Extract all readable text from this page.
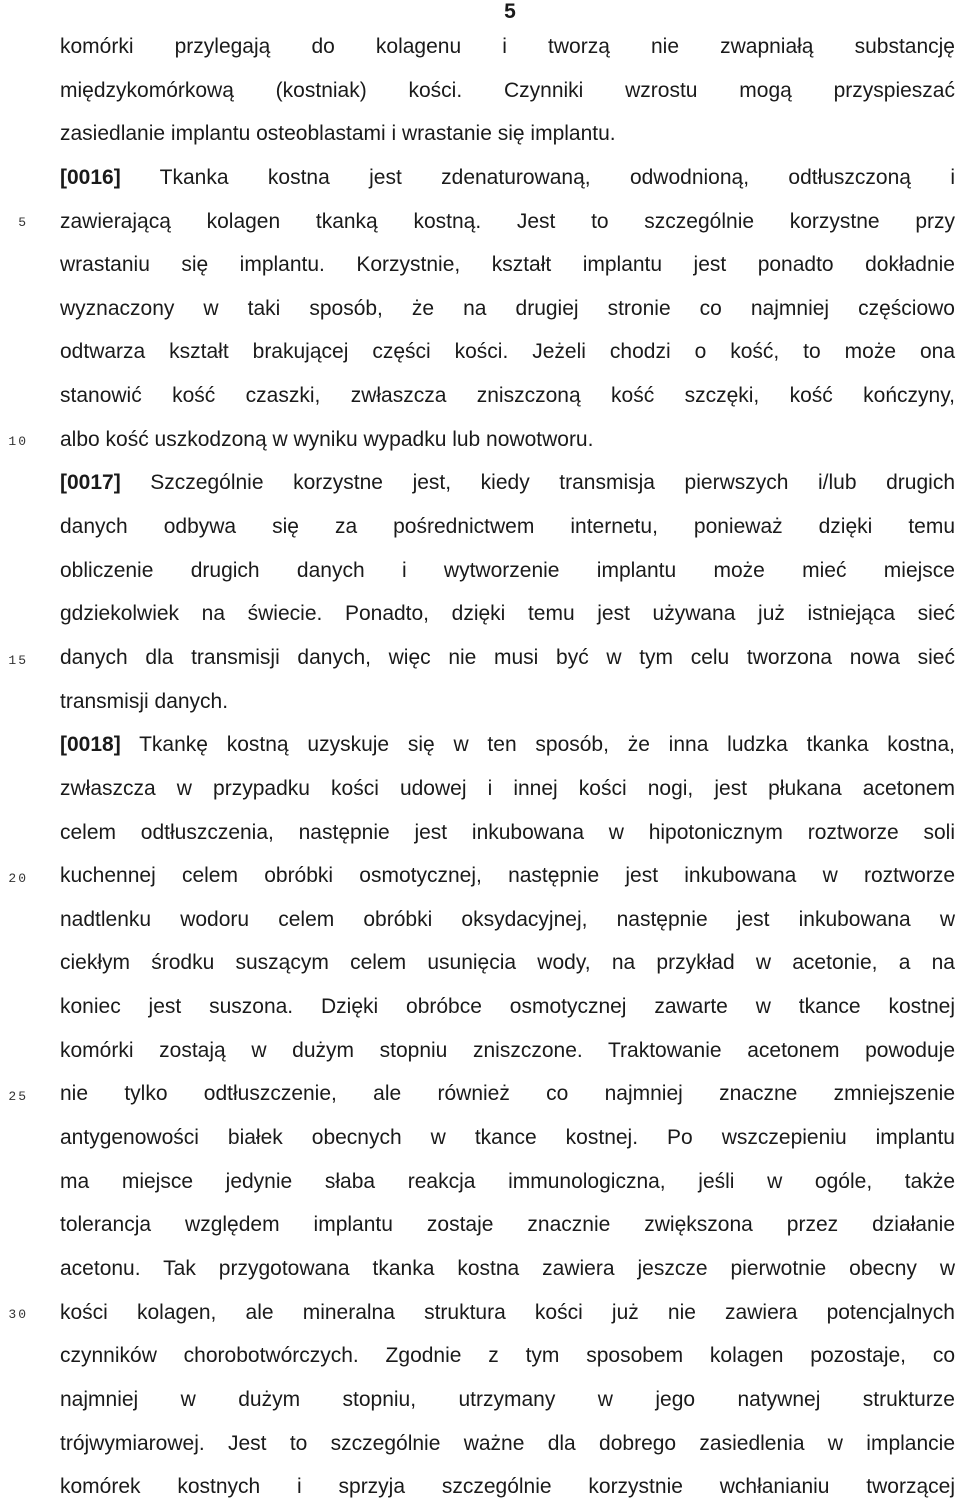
5
5
10
15
20
25
30
komórki przylegają do kolagenu i tworzą nie zwapniałą substancję
międzykomórkową (kostniak) kości. Czynniki wzrostu mogą przyspieszać
zasiedlanie implantu osteoblastami i wrastanie się implantu.
[0016] Tkanka kostna jest zdenaturowaną, odwodnioną, odtłuszczoną i
zawierającą kolagen tkanką kostną. Jest to szczególnie korzystne przy
wrastaniu się implantu. Korzystnie, kształt implantu jest ponadto dokładnie
wyznaczony w taki sposób, że na drugiej stronie co najmniej częściowo
odtwarza kształt brakującej części kości. Jeżeli chodzi o kość, to może ona
stanowić kość czaszki, zwłaszcza zniszczoną kość szczęki, kość kończyny,
albo kość uszkodzoną w wyniku wypadku lub nowotworu.
[0017] Szczególnie korzystne jest, kiedy transmisja pierwszych i/lub drugich
danych odbywa się za pośrednictwem internetu, ponieważ dzięki temu
obliczenie drugich danych i wytworzenie implantu może mieć miejsce
gdziekolwiek na świecie. Ponadto, dzięki temu jest używana już istniejąca sieć
danych dla transmisji danych, więc nie musi być w tym celu tworzona nowa sieć
transmisji danych.
[0018] Tkankę kostną uzyskuje się w ten sposób, że inna ludzka tkanka kostna,
zwłaszcza w przypadku kości udowej i innej kości nogi, jest płukana acetonem
celem odtłuszczenia, następnie jest inkubowana w hipotonicznym roztworze soli
kuchennej celem obróbki osmotycznej, następnie jest inkubowana w roztworze
nadtlenku wodoru celem obróbki oksydacyjnej, następnie jest inkubowana w
ciekłym środku suszącym celem usunięcia wody, na przykład w acetonie, a na
koniec jest suszona. Dzięki obróbce osmotycznej zawarte w tkance kostnej
komórki zostają w dużym stopniu zniszczone. Traktowanie acetonem powoduje
nie tylko odtłuszczenie, ale również co najmniej znaczne zmniejszenie
antygenowości białek obecnych w tkance kostnej. Po wszczepieniu implantu
ma miejsce jedynie słaba reakcja immunologiczna, jeśli w ogóle, także
tolerancja względem implantu zostaje znacznie zwiększona przez działanie
acetonu. Tak przygotowana tkanka kostna zawiera jeszcze pierwotnie obecny w
kości kolagen, ale mineralna struktura kości już nie zawiera potencjalnych
czynników chorobotwórczych. Zgodnie z tym sposobem kolagen pozostaje, co
najmniej w dużym stopniu, utrzymany w jego natywnej strukturze
trójwymiarowej. Jest to szczególnie ważne dla dobrego zasiedlenia w implancie
komórek kostnych i sprzyja szczególnie korzystnie wchłanianiu tworzącej
